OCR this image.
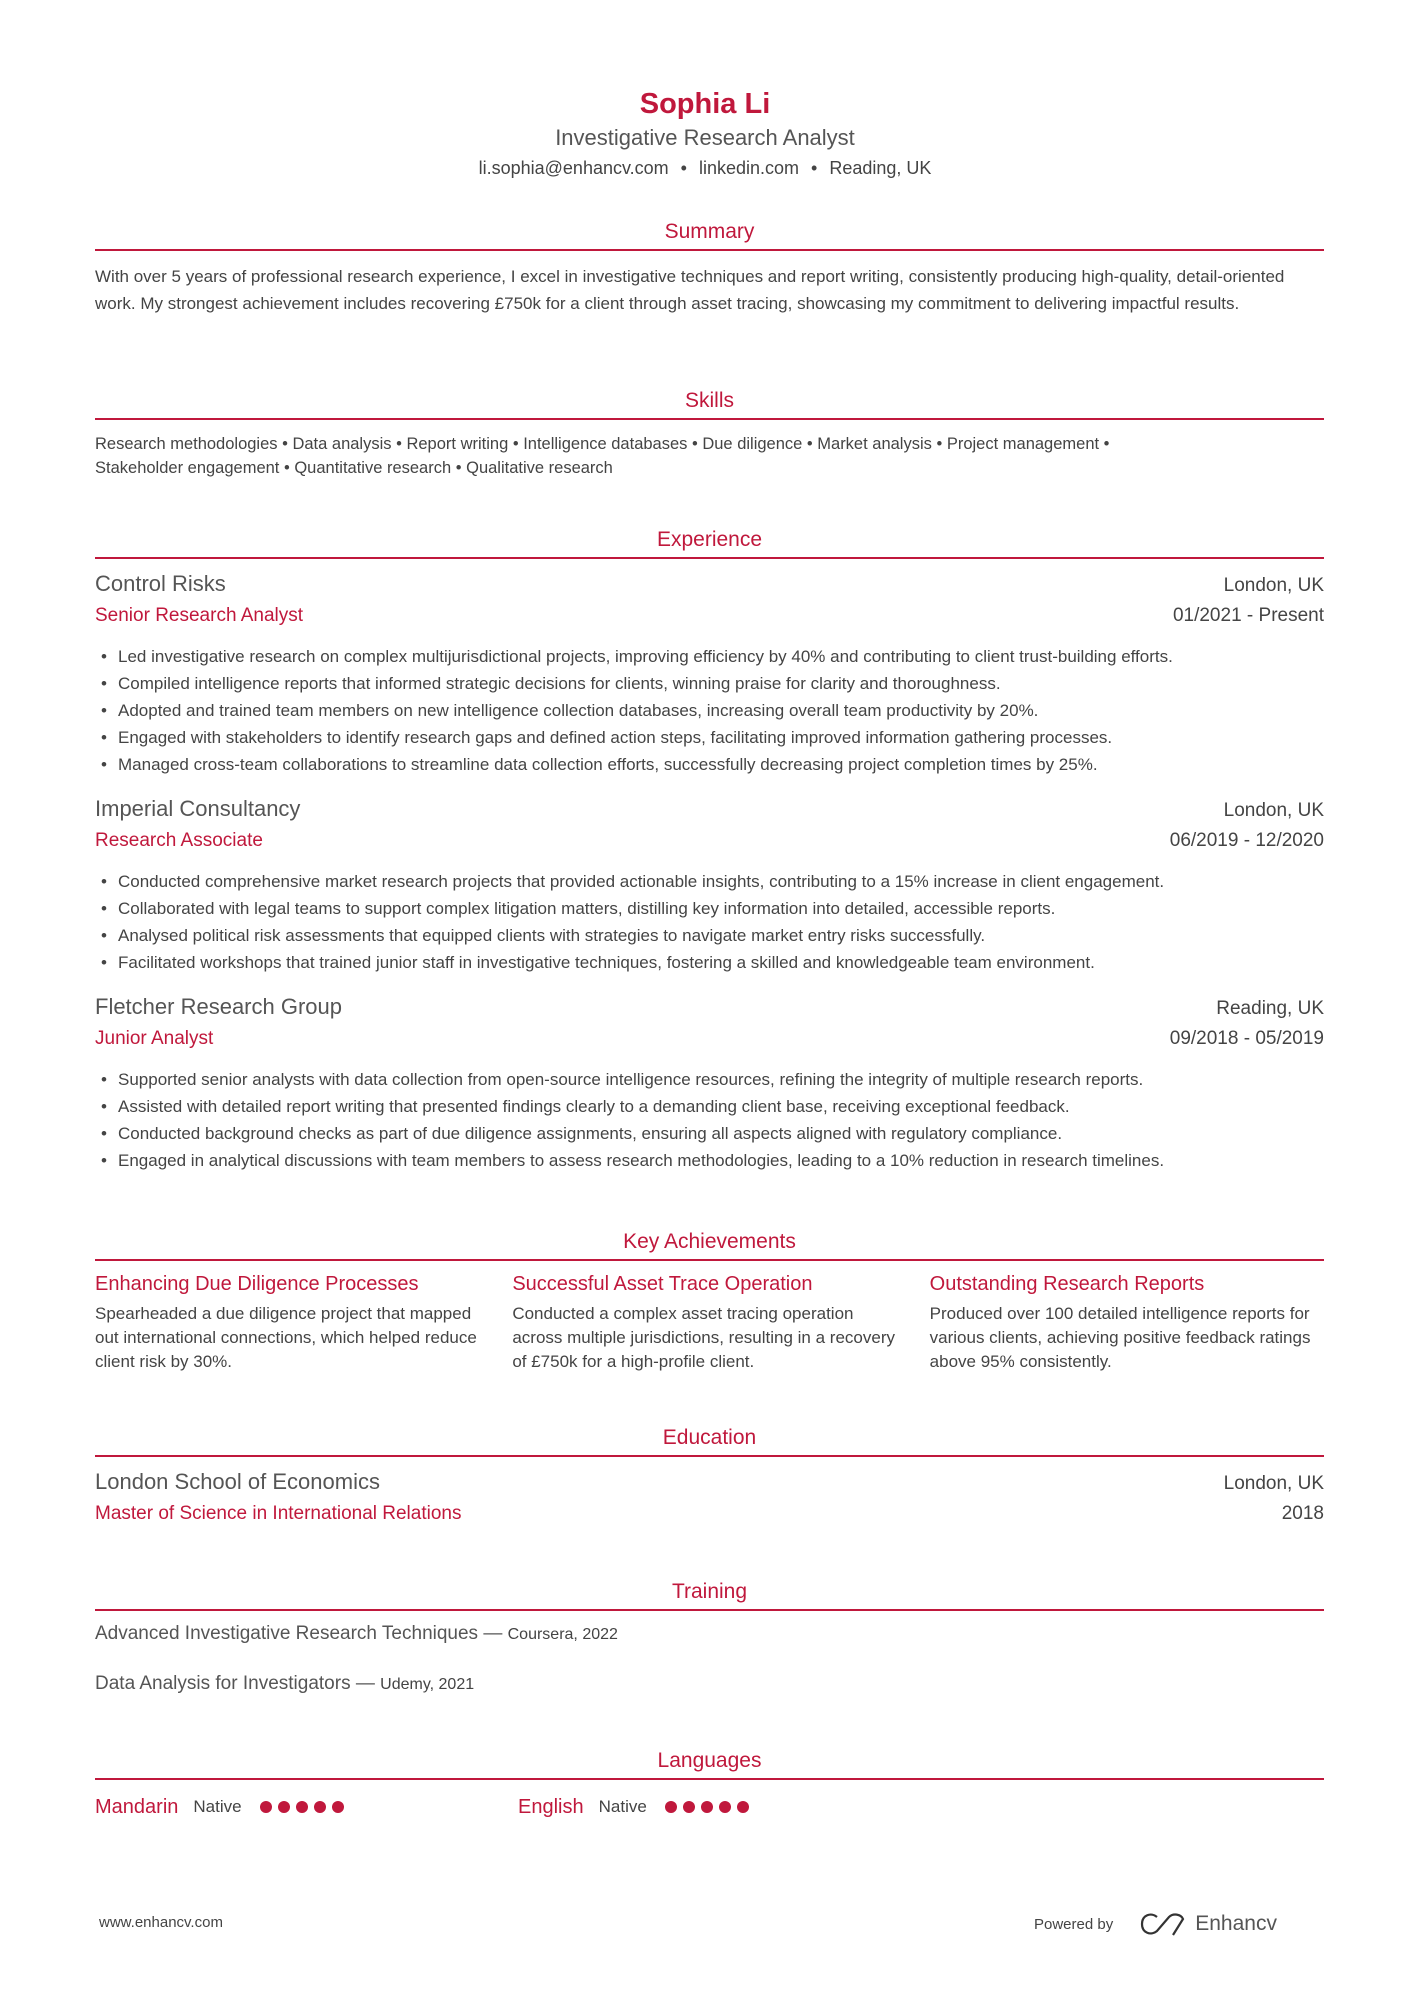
Sophia Li
Investigative Research Analyst
li.sophia@enhancv.com • linkedin.com • Reading, UK
Summary
With over 5 years of professional research experience, I excel in investigative techniques and report writing, consistently producing high-quality, detail-oriented work. My strongest achievement includes recovering £750k for a client through asset tracing, showcasing my commitment to delivering impactful results.
Skills
Research methodologies • Data analysis • Report writing • Intelligence databases • Due diligence • Market analysis • Project management •
Stakeholder engagement • Quantitative research • Qualitative research
Experience
Control Risks	London, UK
Senior Research Analyst	01/2021 - Present
• Led investigative research on complex multijurisdictional projects, improving efficiency by 40% and contributing to client trust-building efforts.
• Compiled intelligence reports that informed strategic decisions for clients, winning praise for clarity and thoroughness.
• Adopted and trained team members on new intelligence collection databases, increasing overall team productivity by 20%.
• Engaged with stakeholders to identify research gaps and defined action steps, facilitating improved information gathering processes.
• Managed cross-team collaborations to streamline data collection efforts, successfully decreasing project completion times by 25%.
Imperial Consultancy	London, UK
Research Associate	06/2019 - 12/2020
• Conducted comprehensive market research projects that provided actionable insights, contributing to a 15% increase in client engagement.
• Collaborated with legal teams to support complex litigation matters, distilling key information into detailed, accessible reports.
• Analysed political risk assessments that equipped clients with strategies to navigate market entry risks successfully.
• Facilitated workshops that trained junior staff in investigative techniques, fostering a skilled and knowledgeable team environment.
Fletcher Research Group	Reading, UK
Junior Analyst	09/2018 - 05/2019
• Supported senior analysts with data collection from open-source intelligence resources, refining the integrity of multiple research reports.
• Assisted with detailed report writing that presented findings clearly to a demanding client base, receiving exceptional feedback.
• Conducted background checks as part of due diligence assignments, ensuring all aspects aligned with regulatory compliance.
• Engaged in analytical discussions with team members to assess research methodologies, leading to a 10% reduction in research timelines.
Key Achievements
Enhancing Due Diligence Processes
Spearheaded a due diligence project that mapped out international connections, which helped reduce client risk by 30%.
Successful Asset Trace Operation
Conducted a complex asset tracing operation across multiple jurisdictions, resulting in a recovery of £750k for a high-profile client.
Outstanding Research Reports
Produced over 100 detailed intelligence reports for various clients, achieving positive feedback ratings above 95% consistently.
Education
London School of Economics	London, UK
Master of Science in International Relations	2018
Training
Advanced Investigative Research Techniques — Coursera, 2022
Data Analysis for Investigators — Udemy, 2021
Languages
Mandarin Native	English Native
www.enhancv.com	Powered by	Enhancv
